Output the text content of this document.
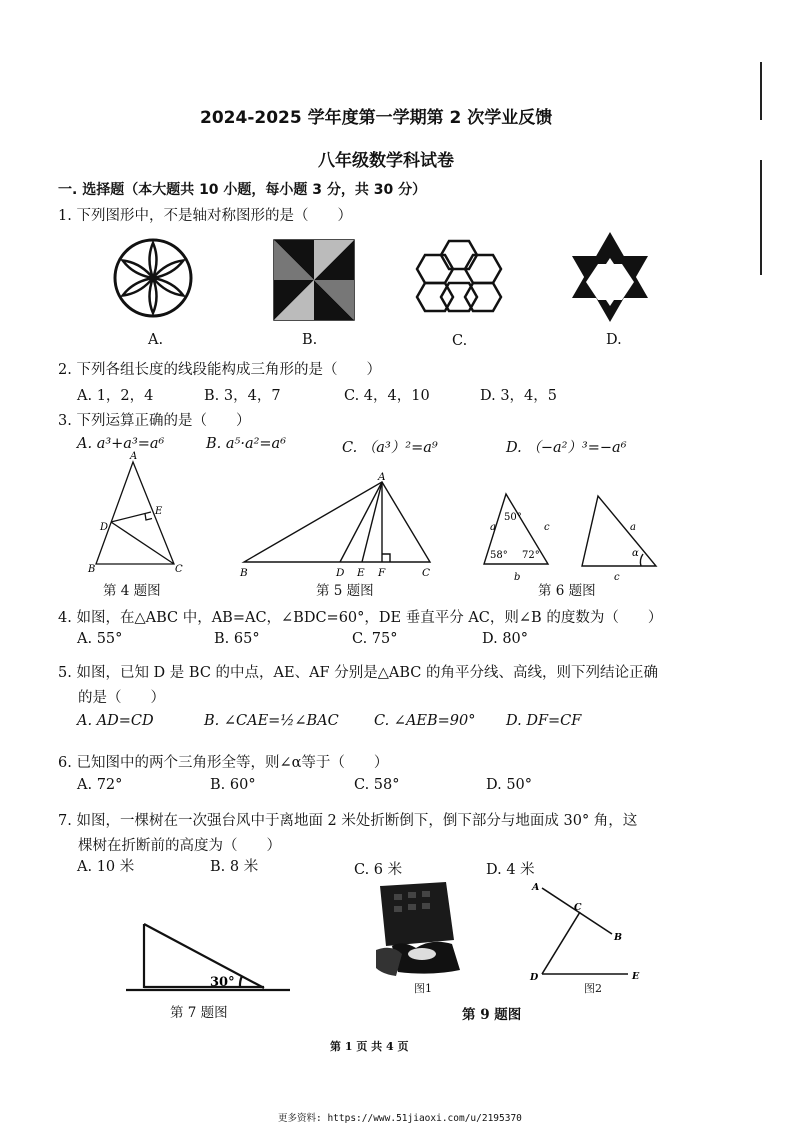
2024-2025 学年度第一学期第 2 次学业反馈
八年级数学科试卷
一. 选择题（本大题共 10 小题，每小题 3 分，共 30 分）
1. 下列图形中，不是轴对称图形的是（　　）
A.	B.	C.	D.
2. 下列各组长度的线段能构成三角形的是（　　）
A. 1，2，4	B. 3，4，7	C. 4，4，10	D. 3，4，5
3. 下列运算正确的是（　　）
A. a³+a³=a⁶	B. a⁵·a²=a⁶	C. （a³）²=a⁹	D. （−a²）³=−a⁶
A
B	C
D
E
第 4 题图
A
B	C
D E F
第 5 题图
a
b
c
50°
58° 72°
a
c
α
第 6 题图
4. 如图，在△ABC 中，AB=AC，∠BDC=60°，DE 垂直平分 AC，则∠B 的度数为（　　）
A. 55°	B. 65°	C. 75°	D. 80°
5. 如图，已知 D 是 BC 的中点，AE、AF 分别是△ABC 的角平分线、高线，则下列结论正确
的是（　　）
A. AD=CD	B. ∠CAE=½∠BAC C. ∠AEB=90° D. DF=CF
6. 已知图中的两个三角形全等，则∠α等于（　　）
A. 72°	B. 60°	C. 58°	D. 50°
7. 如图，一棵树在一次强台风中于离地面 2 米处折断倒下，倒下部分与地面成 30° 角，这
棵树在折断前的高度为（　　）
A. 10 米	B. 8 米	C. 6 米	D. 4 米
30°
第 7 题图
图1
A
C
B
D	E
图2
第 9 题图
第 1 页 共 4 页
更多资料: https://www.51jiaoxi.com/u/2195370
